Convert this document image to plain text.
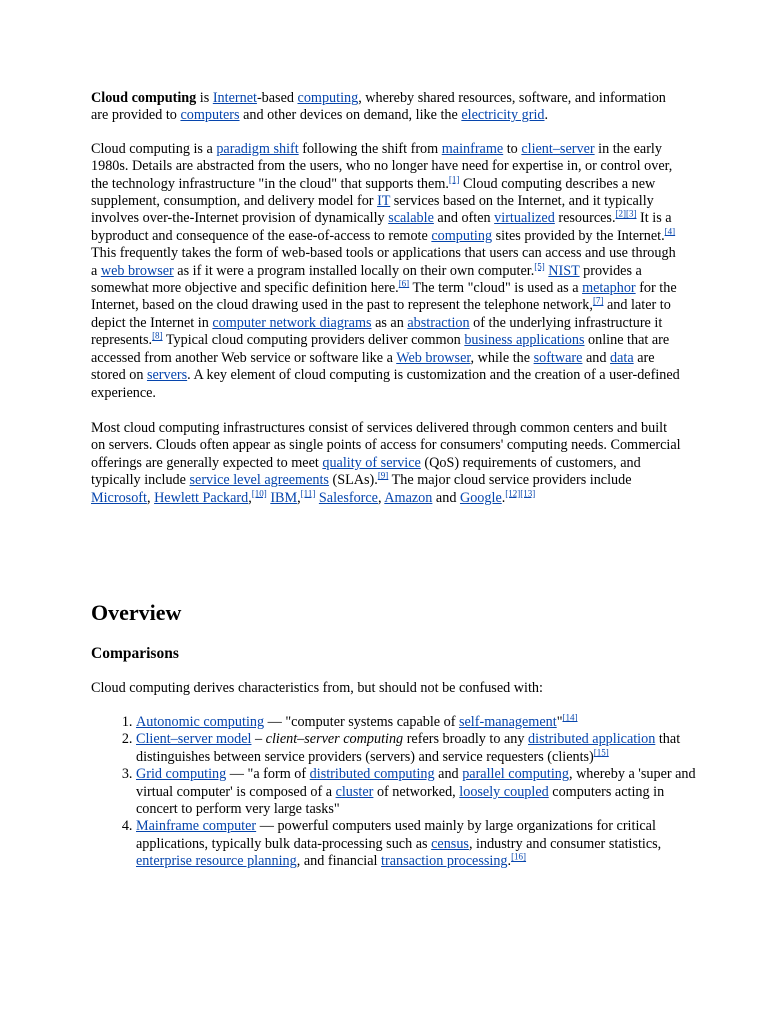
Cloud computing is Internet-based computing, whereby shared resources, software, and information are provided to computers and other devices on demand, like the electricity grid.

Cloud computing is a paradigm shift following the shift from mainframe to client–server in the early 1980s. Details are abstracted from the users, who no longer have need for expertise in, or control over, the technology infrastructure "in the cloud" that supports them.[1] Cloud computing describes a new supplement, consumption, and delivery model for IT services based on the Internet, and it typically involves over-the-Internet provision of dynamically scalable and often virtualized resources.[2][3] It is a byproduct and consequence of the ease-of-access to remote computing sites provided by the Internet.[4] This frequently takes the form of web-based tools or applications that users can access and use through a web browser as if it were a program installed locally on their own computer.[5] NIST provides a somewhat more objective and specific definition here.[6] The term "cloud" is used as a metaphor for the Internet, based on the cloud drawing used in the past to represent the telephone network,[7] and later to depict the Internet in computer network diagrams as an abstraction of the underlying infrastructure it represents.[8] Typical cloud computing providers deliver common business applications online that are accessed from another Web service or software like a Web browser, while the software and data are stored on servers. A key element of cloud computing is customization and the creation of a user-defined experience.

Most cloud computing infrastructures consist of services delivered through common centers and built on servers. Clouds often appear as single points of access for consumers' computing needs. Commercial offerings are generally expected to meet quality of service (QoS) requirements of customers, and typically include service level agreements (SLAs).[9] The major cloud service providers include Microsoft, Hewlett Packard,[10] IBM,[11] Salesforce, Amazon and Google.[12][13]

Overview
Comparisons

Cloud computing derives characteristics from, but should not be confused with:

1. Autonomic computing — "computer systems capable of self-management"[14]
2. Client–server model – client–server computing refers broadly to any distributed application that distinguishes between service providers (servers) and service requesters (clients)[15]
3. Grid computing — "a form of distributed computing and parallel computing, whereby a 'super and virtual computer' is composed of a cluster of networked, loosely coupled computers acting in concert to perform very large tasks"
4. Mainframe computer — powerful computers used mainly by large organizations for critical applications, typically bulk data-processing such as census, industry and consumer statistics, enterprise resource planning, and financial transaction processing.[16]
